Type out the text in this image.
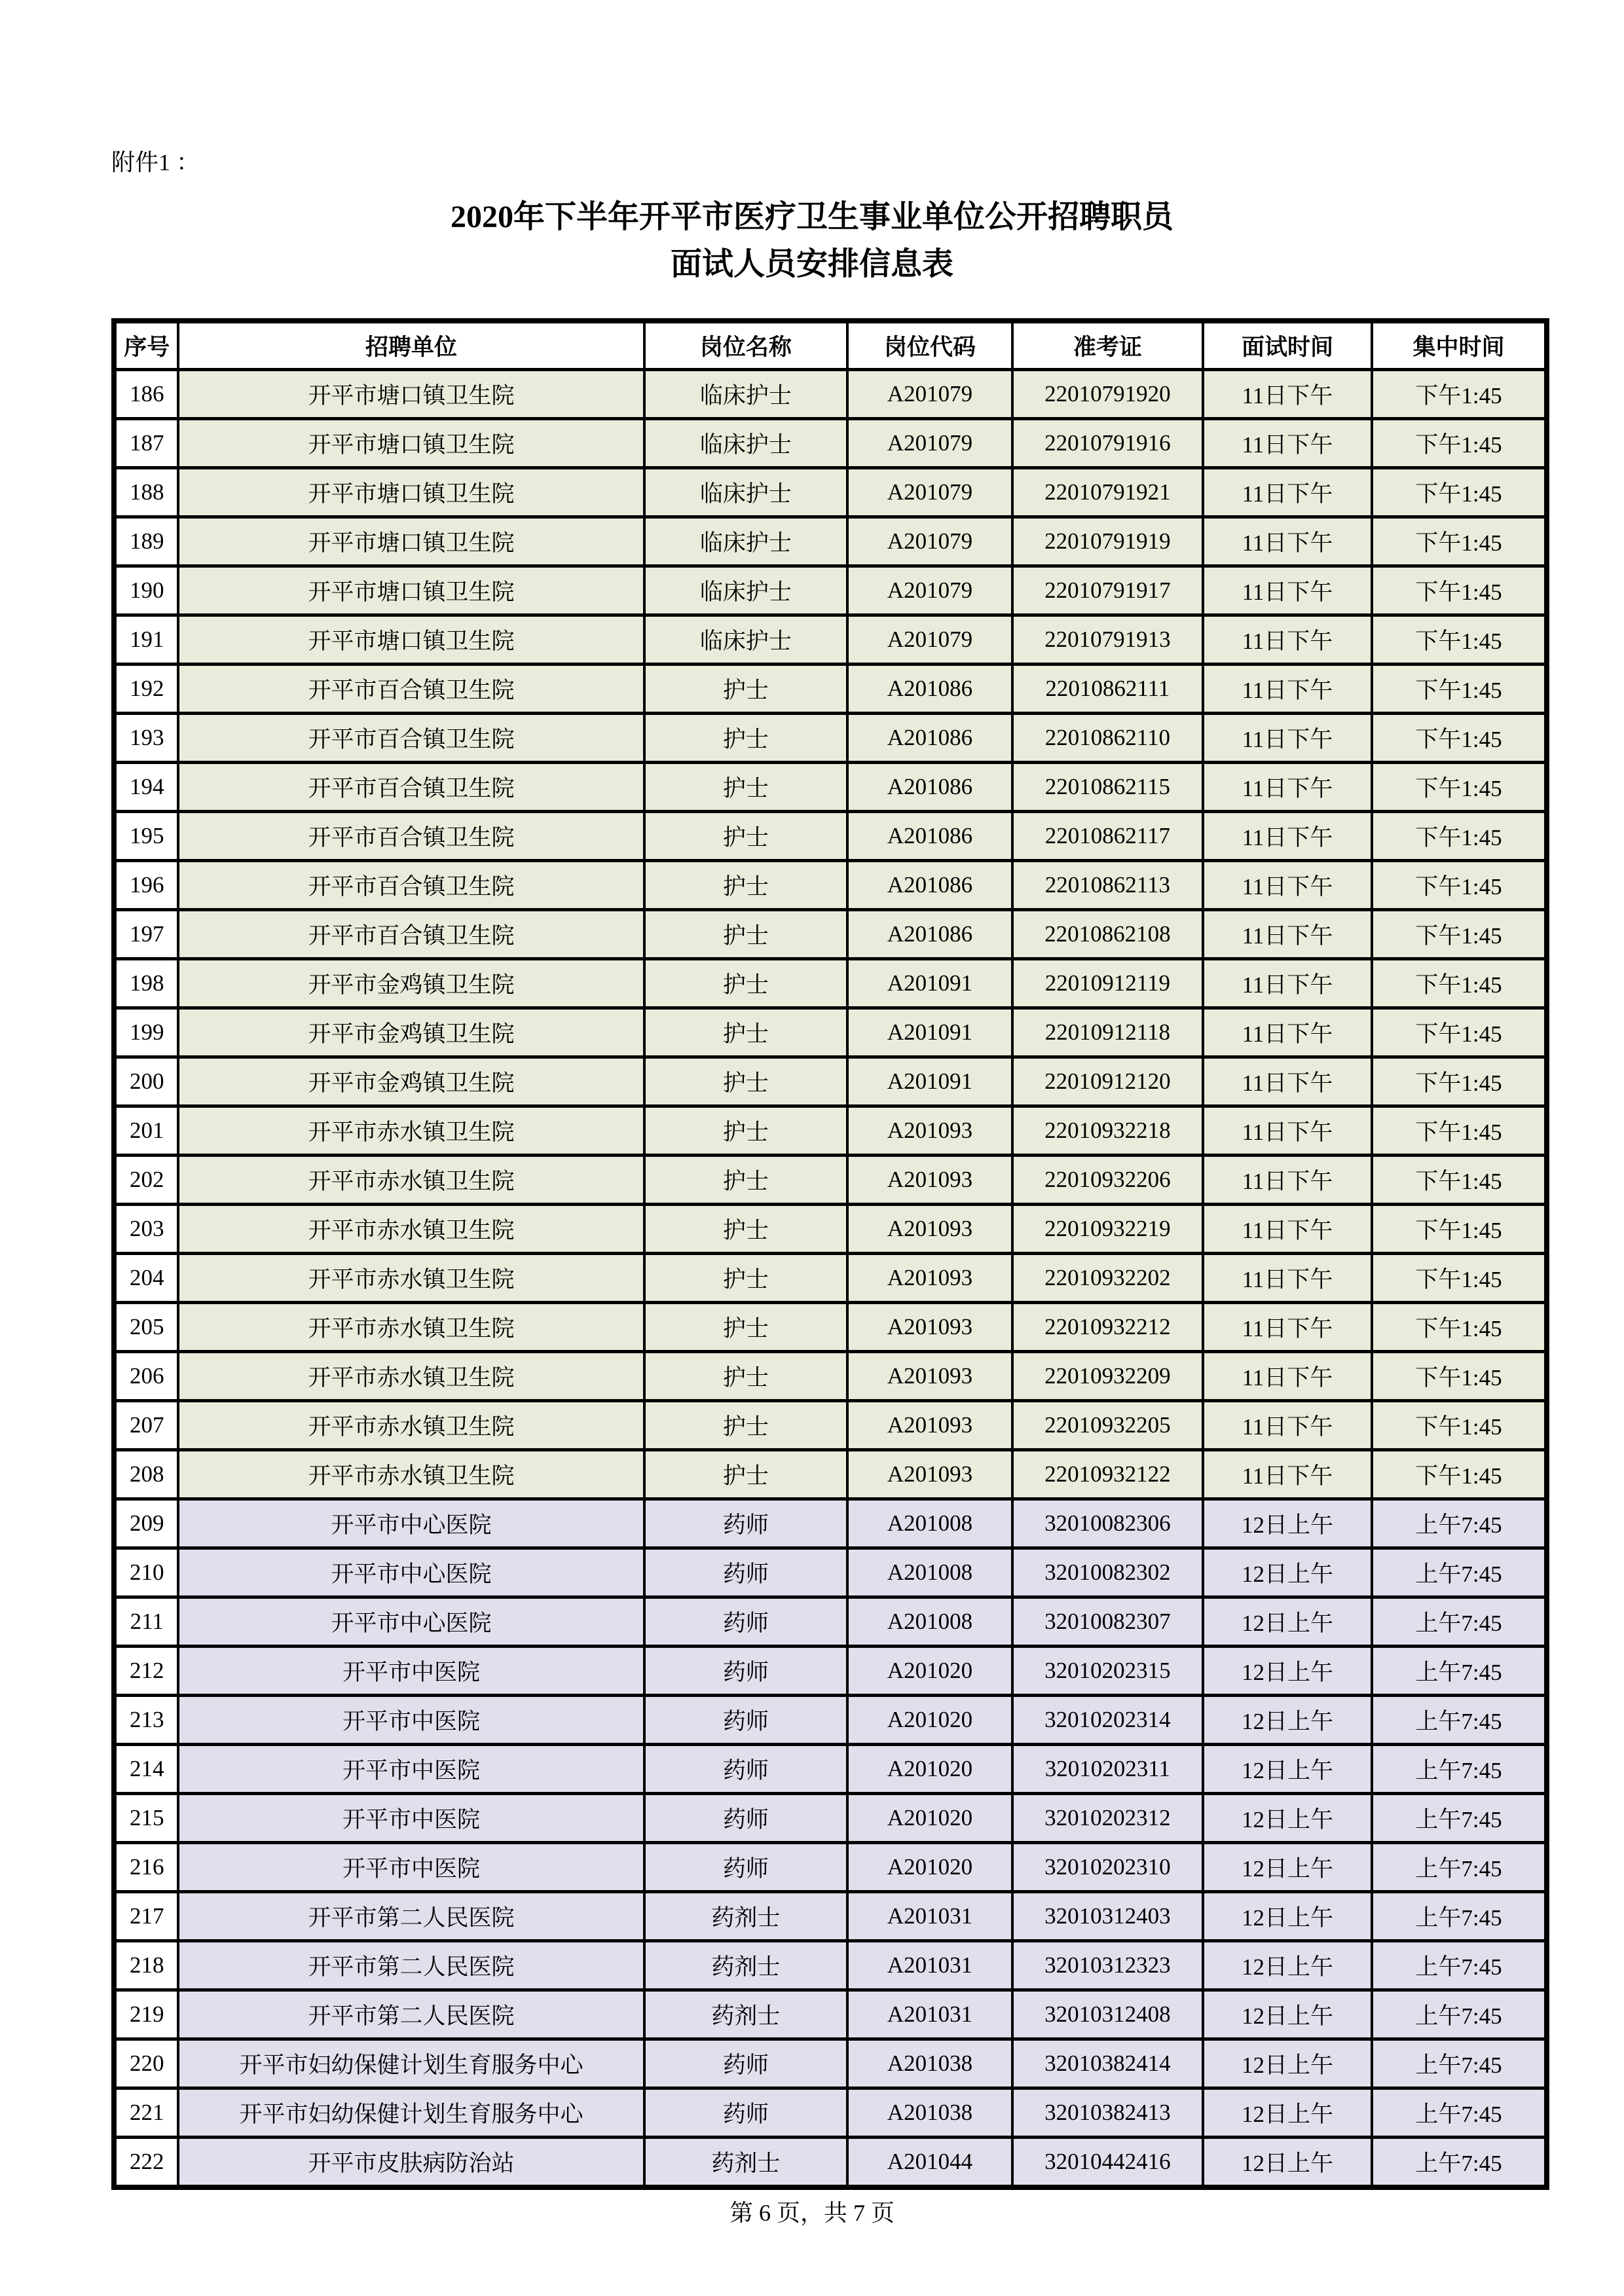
附件1 ：
2020年下半年开平市医疗卫生事业单位公开招聘职员
面试人员安排信息表
序号	招聘单位	岗位名称	岗位代码	准考证	面试时间	集中时间
186	开平市塘口镇卫生院	临床护士	A201079	22010791920	11日下午	下午1:45
187	开平市塘口镇卫生院	临床护士	A201079	22010791916	11日下午	下午1:45
188	开平市塘口镇卫生院	临床护士	A201079	22010791921	11日下午	下午1:45
189	开平市塘口镇卫生院	临床护士	A201079	22010791919	11日下午	下午1:45
190	开平市塘口镇卫生院	临床护士	A201079	22010791917	11日下午	下午1:45
191	开平市塘口镇卫生院	临床护士	A201079	22010791913	11日下午	下午1:45
192	开平市百合镇卫生院	护士	A201086	22010862111	11日下午	下午1:45
193	开平市百合镇卫生院	护士	A201086	22010862110	11日下午	下午1:45
194	开平市百合镇卫生院	护士	A201086	22010862115	11日下午	下午1:45
195	开平市百合镇卫生院	护士	A201086	22010862117	11日下午	下午1:45
196	开平市百合镇卫生院	护士	A201086	22010862113	11日下午	下午1:45
197	开平市百合镇卫生院	护士	A201086	22010862108	11日下午	下午1:45
198	开平市金鸡镇卫生院	护士	A201091	22010912119	11日下午	下午1:45
199	开平市金鸡镇卫生院	护士	A201091	22010912118	11日下午	下午1:45
200	开平市金鸡镇卫生院	护士	A201091	22010912120	11日下午	下午1:45
201	开平市赤水镇卫生院	护士	A201093	22010932218	11日下午	下午1:45
202	开平市赤水镇卫生院	护士	A201093	22010932206	11日下午	下午1:45
203	开平市赤水镇卫生院	护士	A201093	22010932219	11日下午	下午1:45
204	开平市赤水镇卫生院	护士	A201093	22010932202	11日下午	下午1:45
205	开平市赤水镇卫生院	护士	A201093	22010932212	11日下午	下午1:45
206	开平市赤水镇卫生院	护士	A201093	22010932209	11日下午	下午1:45
207	开平市赤水镇卫生院	护士	A201093	22010932205	11日下午	下午1:45
208	开平市赤水镇卫生院	护士	A201093	22010932122	11日下午	下午1:45
209	开平市中心医院	药师	A201008	32010082306	12日上午	上午7:45
210	开平市中心医院	药师	A201008	32010082302	12日上午	上午7:45
211	开平市中心医院	药师	A201008	32010082307	12日上午	上午7:45
212	开平市中医院	药师	A201020	32010202315	12日上午	上午7:45
213	开平市中医院	药师	A201020	32010202314	12日上午	上午7:45
214	开平市中医院	药师	A201020	32010202311	12日上午	上午7:45
215	开平市中医院	药师	A201020	32010202312	12日上午	上午7:45
216	开平市中医院	药师	A201020	32010202310	12日上午	上午7:45
217	开平市第二人民医院	药剂士	A201031	32010312403	12日上午	上午7:45
218	开平市第二人民医院	药剂士	A201031	32010312323	12日上午	上午7:45
219	开平市第二人民医院	药剂士	A201031	32010312408	12日上午	上午7:45
220	开平市妇幼保健计划生育服务中心	药师	A201038	32010382414	12日上午	上午7:45
221	开平市妇幼保健计划生育服务中心	药师	A201038	32010382413	12日上午	上午7:45
222	开平市皮肤病防治站	药剂士	A201044	32010442416	12日上午	上午7:45
第 6 页，共 7 页
